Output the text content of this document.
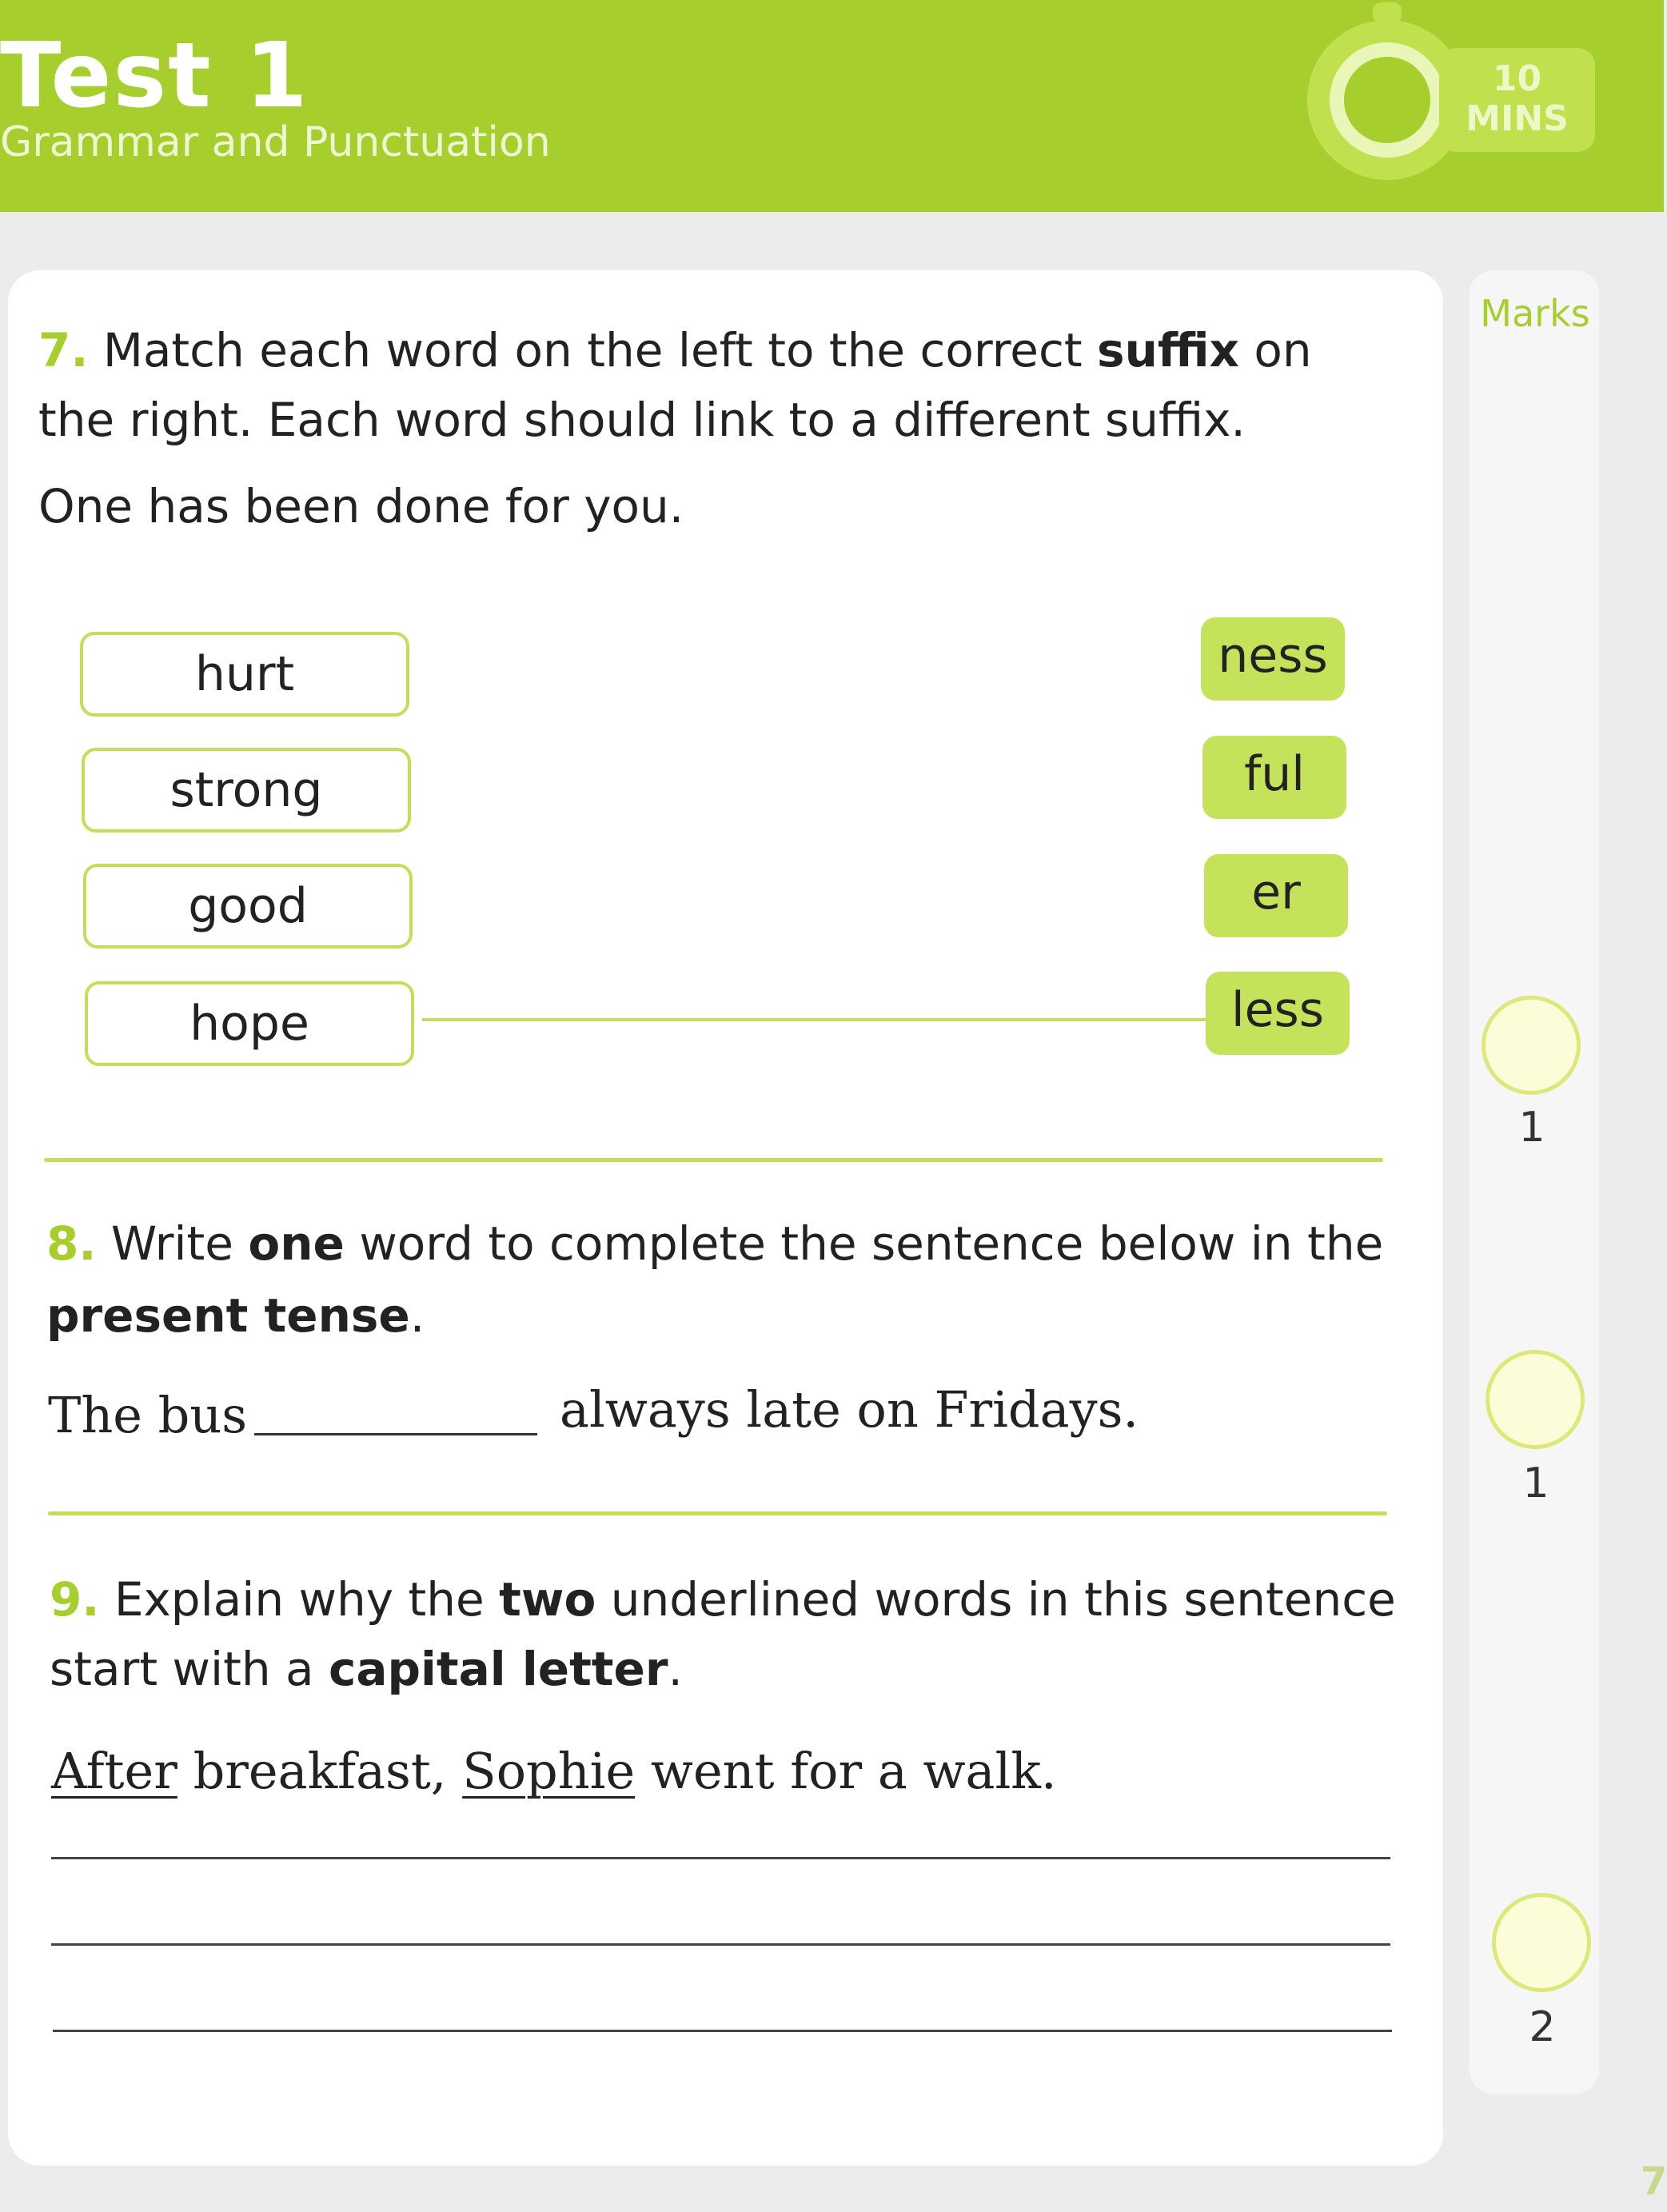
Test 1
Grammar and Punctuation
10
MINS
Marks
1
1
2
7. Match each word on the left to the correct suffix on
the right. Each word should link to a different suffix.
One has been done for you.
hurt
strong
good
hope
ness
ful
er
less
8. Write one word to complete the sentence below in the
present tense.
The bus	always late on Fridays.
9. Explain why the two underlined words in this sentence
start with a capital letter.
After breakfast, Sophie went for a walk.
7
